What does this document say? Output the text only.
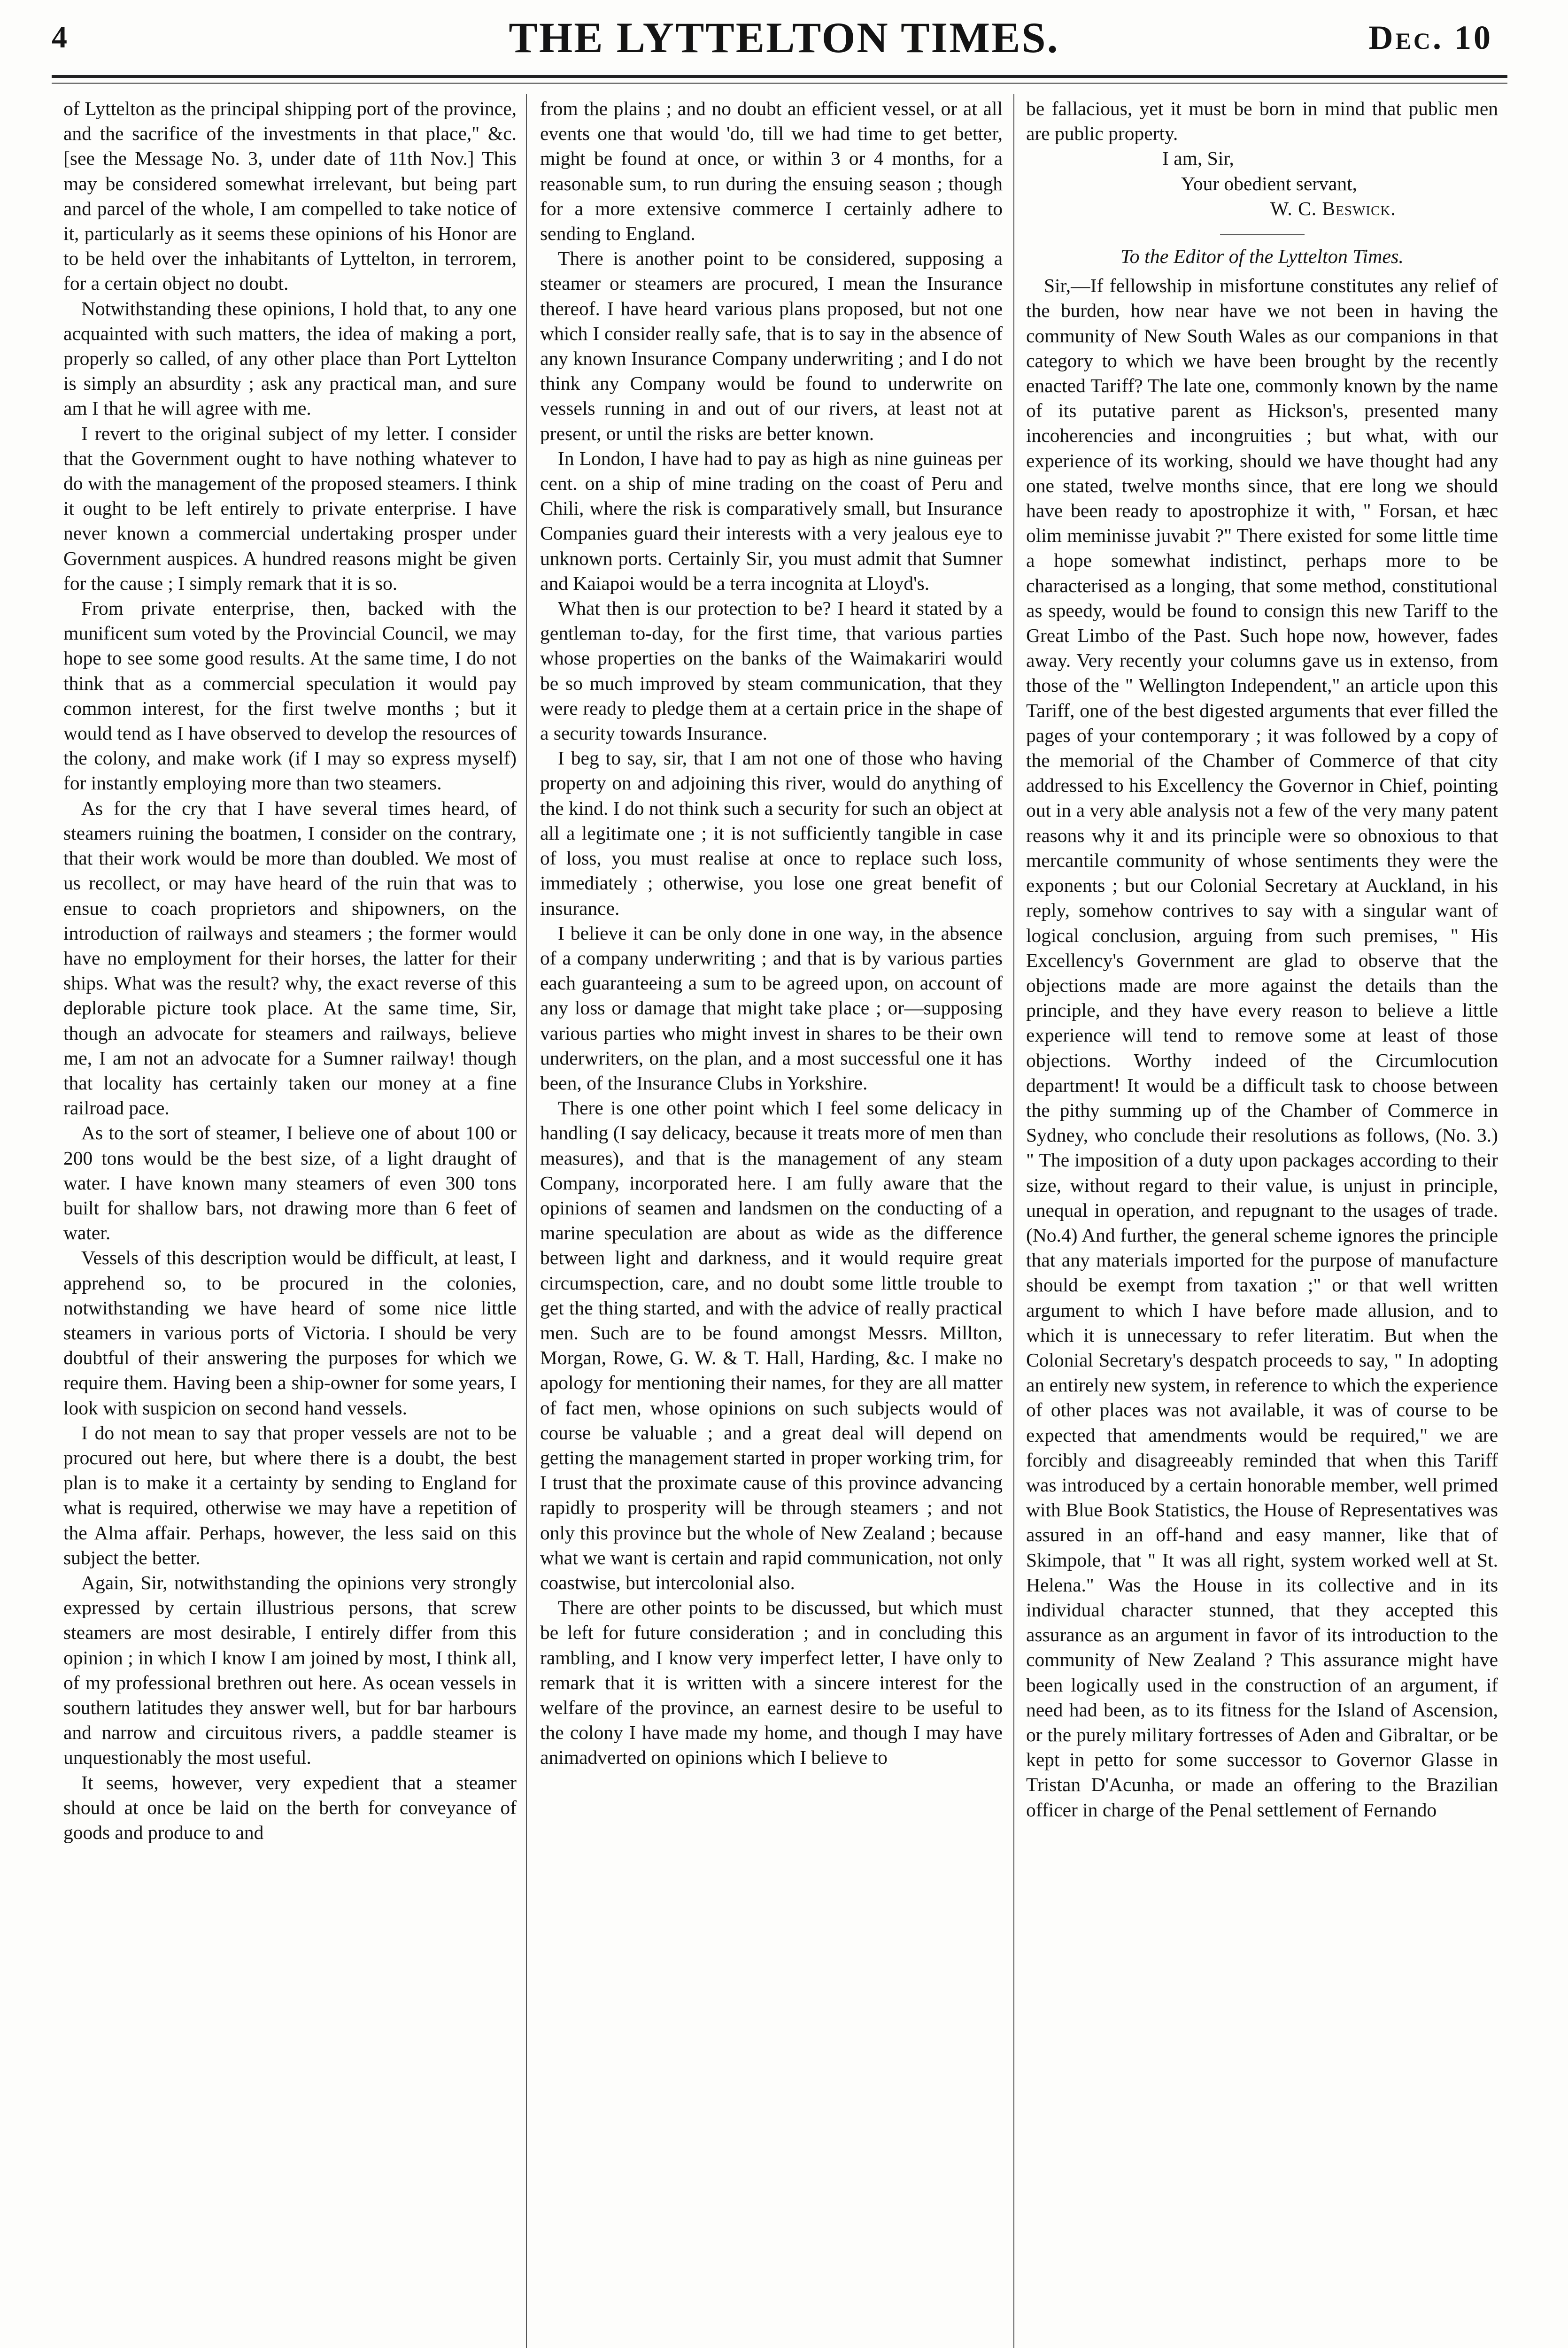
4	THE LYTTELTON TIMES.	Dec. 10

of Lyttelton as the principal shipping port of the province, and the sacrifice of the investments in that place," &c. [see the Message No. 3, under date of 11th Nov.] This may be considered somewhat irrelevant, but being part and parcel of the whole, I am compelled to take notice of it, particularly as it seems these opinions of his Honor are to be held over the inhabitants of Lyttelton, in terrorem, for a certain object no doubt.

Notwithstanding these opinions, I hold that, to any one acquainted with such matters, the idea of making a port, properly so called, of any other place than Port Lyttelton is simply an absurdity ; ask any practical man, and sure am I that he will agree with me.

I revert to the original subject of my letter. I consider that the Government ought to have nothing whatever to do with the management of the proposed steamers. I think it ought to be left entirely to private enterprise. I have never known a commercial undertaking prosper under Government auspices. A hundred reasons might be given for the cause ; I simply remark that it is so.

From private enterprise, then, backed with the munificent sum voted by the Provincial Council, we may hope to see some good results. At the same time, I do not think that as a commercial speculation it would pay common interest, for the first twelve months ; but it would tend as I have observed to develop the resources of the colony, and make work (if I may so express myself) for instantly employing more than two steamers.

As for the cry that I have several times heard, of steamers ruining the boatmen, I consider on the contrary, that their work would be more than doubled. We most of us recollect, or may have heard of the ruin that was to ensue to coach proprietors and shipowners, on the introduction of railways and steamers ; the former would have no employment for their horses, the latter for their ships. What was the result? why, the exact reverse of this deplorable picture took place. At the same time, Sir, though an advocate for steamers and railways, believe me, I am not an advocate for a Sumner railway! though that locality has certainly taken our money at a fine railroad pace.

As to the sort of steamer, I believe one of about 100 or 200 tons would be the best size, of a light draught of water. I have known many steamers of even 300 tons built for shallow bars, not drawing more than 6 feet of water.

Vessels of this description would be difficult, at least, I apprehend so, to be procured in the colonies, notwithstanding we have heard of some nice little steamers in various ports of Victoria. I should be very doubtful of their answering the purposes for which we require them. Having been a ship-owner for some years, I look with suspicion on second hand vessels.

I do not mean to say that proper vessels are not to be procured out here, but where there is a doubt, the best plan is to make it a certainty by sending to England for what is required, otherwise we may have a repetition of the Alma affair. Perhaps, however, the less said on this subject the better.

Again, Sir, notwithstanding the opinions very strongly expressed by certain illustrious persons, that screw steamers are most desirable, I entirely differ from this opinion ; in which I know I am joined by most, I think all, of my professional brethren out here. As ocean vessels in southern latitudes they answer well, but for bar harbours and narrow and circuitous rivers, a paddle steamer is unquestionably the most useful.

It seems, however, very expedient that a steamer should at once be laid on the berth for conveyance of goods and produce to and

from the plains ; and no doubt an efficient vessel, or at all events one that would 'do, till we had time to get better, might be found at once, or within 3 or 4 months, for a reasonable sum, to run during the ensuing season ; though for a more extensive commerce I certainly adhere to sending to England.

There is another point to be considered, supposing a steamer or steamers are procured, I mean the Insurance thereof. I have heard various plans proposed, but not one which I consider really safe, that is to say in the absence of any known Insurance Company underwriting ; and I do not think any Company would be found to underwrite on vessels running in and out of our rivers, at least not at present, or until the risks are better known.

In London, I have had to pay as high as nine guineas per cent. on a ship of mine trading on the coast of Peru and Chili, where the risk is comparatively small, but Insurance Companies guard their interests with a very jealous eye to unknown ports. Certainly Sir, you must admit that Sumner and Kaiapoi would be a terra incognita at Lloyd's.

What then is our protection to be? I heard it stated by a gentleman to-day, for the first time, that various parties whose properties on the banks of the Waimakariri would be so much improved by steam communication, that they were ready to pledge them at a certain price in the shape of a security towards Insurance.

I beg to say, sir, that I am not one of those who having property on and adjoining this river, would do anything of the kind. I do not think such a security for such an object at all a legitimate one ; it is not sufficiently tangible in case of loss, you must realise at once to replace such loss, immediately ; otherwise, you lose one great benefit of insurance.

I believe it can be only done in one way, in the absence of a company underwriting ; and that is by various parties each guaranteeing a sum to be agreed upon, on account of any loss or damage that might take place ; or—supposing various parties who might invest in shares to be their own underwriters, on the plan, and a most successful one it has been, of the Insurance Clubs in Yorkshire.

There is one other point which I feel some delicacy in handling (I say delicacy, because it treats more of men than measures), and that is the management of any steam Company, incorporated here. I am fully aware that the opinions of seamen and landsmen on the conducting of a marine speculation are about as wide as the difference between light and darkness, and it would require great circumspection, care, and no doubt some little trouble to get the thing started, and with the advice of really practical men. Such are to be found amongst Messrs. Millton, Morgan, Rowe, G. W. & T. Hall, Harding, &c. I make no apology for mentioning their names, for they are all matter of fact men, whose opinions on such subjects would of course be valuable ; and a great deal will depend on getting the management started in proper working trim, for I trust that the proximate cause of this province advancing rapidly to prosperity will be through steamers ; and not only this province but the whole of New Zealand ; because what we want is certain and rapid communication, not only coastwise, but intercolonial also.

There are other points to be discussed, but which must be left for future consideration ; and in concluding this rambling, and I know very imperfect letter, I have only to remark that it is written with a sincere interest for the welfare of the province, an earnest desire to be useful to the colony I have made my home, and though I may have animadverted on opinions which I believe to

be fallacious, yet it must be born in mind that public men are public property.

I am, Sir,

Your obedient servant,

W. C. Beswick.

To the Editor of the Lyttelton Times.

Sir,—If fellowship in misfortune constitutes any relief of the burden, how near have we not been in having the community of New South Wales as our companions in that category to which we have been brought by the recently enacted Tariff? The late one, commonly known by the name of its putative parent as Hickson's, presented many incoherencies and incongruities ; but what, with our experience of its working, should we have thought had any one stated, twelve months since, that ere long we should have been ready to apostrophize it with, " Forsan, et hæc olim meminisse juvabit ?" There existed for some little time a hope somewhat indistinct, perhaps more to be characterised as a longing, that some method, constitutional as speedy, would be found to consign this new Tariff to the Great Limbo of the Past. Such hope now, however, fades away. Very recently your columns gave us in extenso, from those of the " Wellington Independent," an article upon this Tariff, one of the best digested arguments that ever filled the pages of your contemporary ; it was followed by a copy of the memorial of the Chamber of Commerce of that city addressed to his Excellency the Governor in Chief, pointing out in a very able analysis not a few of the very many patent reasons why it and its principle were so obnoxious to that mercantile community of whose sentiments they were the exponents ; but our Colonial Secretary at Auckland, in his reply, somehow contrives to say with a singular want of logical conclusion, arguing from such premises, " His Excellency's Government are glad to observe that the objections made are more against the details than the principle, and they have every reason to believe a little experience will tend to remove some at least of those objections. Worthy indeed of the Circumlocution department! It would be a difficult task to choose between the pithy summing up of the Chamber of Commerce in Sydney, who conclude their resolutions as follows, (No. 3.) " The imposition of a duty upon packages according to their size, without regard to their value, is unjust in principle, unequal in operation, and repugnant to the usages of trade. (No.4) And further, the general scheme ignores the principle that any materials imported for the purpose of manufacture should be exempt from taxation ;" or that well written argument to which I have before made allusion, and to which it is unnecessary to refer literatim. But when the Colonial Secretary's despatch proceeds to say, " In adopting an entirely new system, in reference to which the experience of other places was not available, it was of course to be expected that amendments would be required," we are forcibly and disagreeably reminded that when this Tariff was introduced by a certain honorable member, well primed with Blue Book Statistics, the House of Representatives was assured in an off-hand and easy manner, like that of Skimpole, that " It was all right, system worked well at St. Helena." Was the House in its collective and in its individual character stunned, that they accepted this assurance as an argument in favor of its introduction to the community of New Zealand ? This assurance might have been logically used in the construction of an argument, if need had been, as to its fitness for the Island of Ascension, or the purely military fortresses of Aden and Gibraltar, or be kept in petto for some successor to Governor Glasse in Tristan D'Acunha, or made an offering to the Brazilian officer in charge of the Penal settlement of Fernando
